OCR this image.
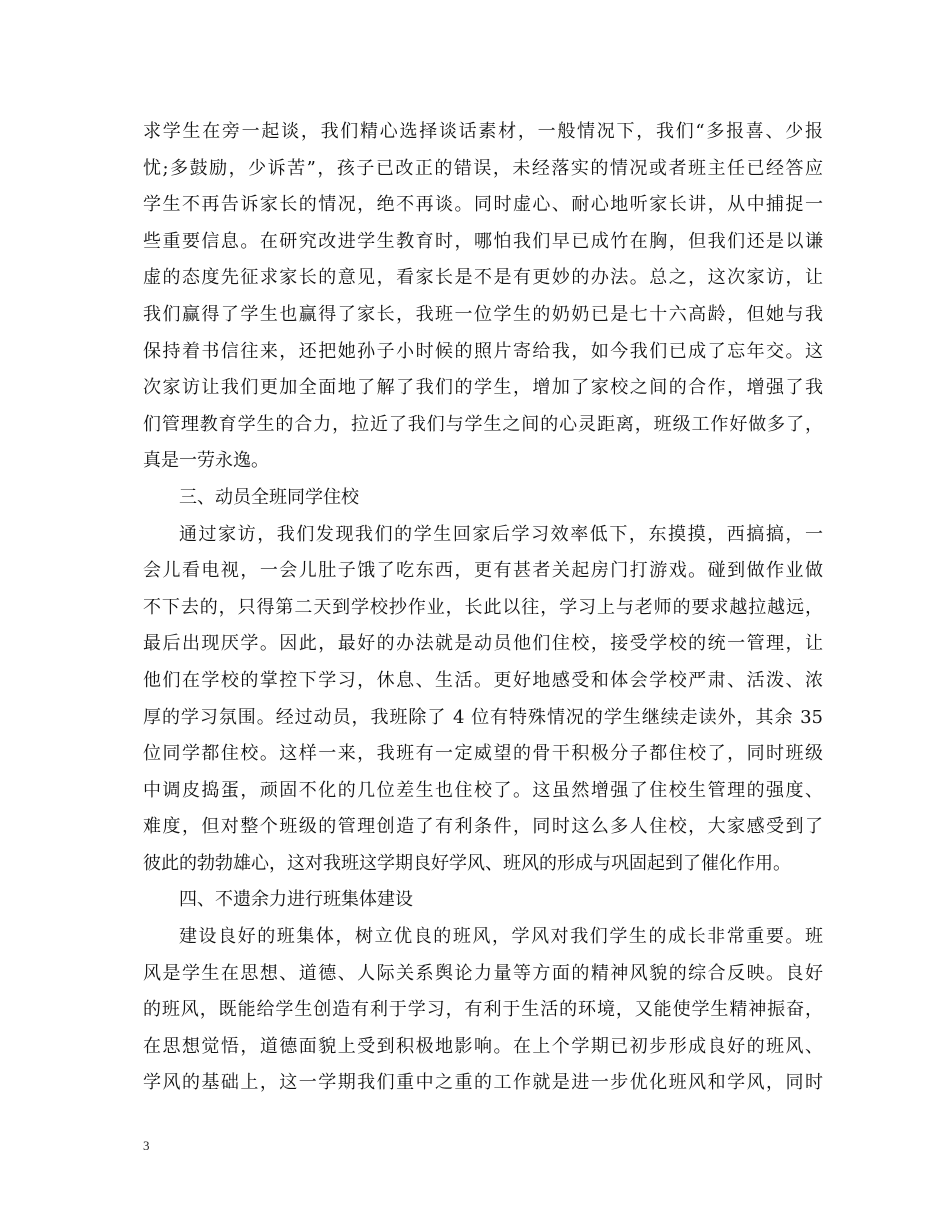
求学生在旁一起谈，我们精心选择谈话素材，一般情况下，我们“多报喜、少报
忧;多鼓励，少诉苦”，孩子已改正的错误，未经落实的情况或者班主任已经答应
学生不再告诉家长的情况，绝不再谈。同时虚心、耐心地听家长讲，从中捕捉一
些重要信息。在研究改进学生教育时，哪怕我们早已成竹在胸，但我们还是以谦
虚的态度先征求家长的意见，看家长是不是有更妙的办法。总之，这次家访，让
我们赢得了学生也赢得了家长，我班一位学生的奶奶已是七十六高龄，但她与我
保持着书信往来，还把她孙子小时候的照片寄给我，如今我们已成了忘年交。这
次家访让我们更加全面地了解了我们的学生，增加了家校之间的合作，增强了我
们管理教育学生的合力，拉近了我们与学生之间的心灵距离，班级工作好做多了，
真是一劳永逸。
三、动员全班同学住校
通过家访，我们发现我们的学生回家后学习效率低下，东摸摸，西搞搞，一
会儿看电视，一会儿肚子饿了吃东西，更有甚者关起房门打游戏。碰到做作业做
不下去的，只得第二天到学校抄作业，长此以往，学习上与老师的要求越拉越远，
最后出现厌学。因此，最好的办法就是动员他们住校，接受学校的统一管理，让
他们在学校的掌控下学习，休息、生活。更好地感受和体会学校严肃、活泼、浓
厚的学习氛围。经过动员，我班除了 4 位有特殊情况的学生继续走读外，其余 35
位同学都住校。这样一来，我班有一定威望的骨干积极分子都住校了，同时班级
中调皮捣蛋，顽固不化的几位差生也住校了。这虽然增强了住校生管理的强度、
难度，但对整个班级的管理创造了有利条件，同时这么多人住校，大家感受到了
彼此的勃勃雄心，这对我班这学期良好学风、班风的形成与巩固起到了催化作用。
四、不遗余力进行班集体建设
建设良好的班集体，树立优良的班风，学风对我们学生的成长非常重要。班
风是学生在思想、道德、人际关系舆论力量等方面的精神风貌的综合反映。良好
的班风，既能给学生创造有利于学习，有利于生活的环境，又能使学生精神振奋，
在思想觉悟，道德面貌上受到积极地影响。在上个学期已初步形成良好的班风、
学风的基础上，这一学期我们重中之重的工作就是进一步优化班风和学风，同时
3
